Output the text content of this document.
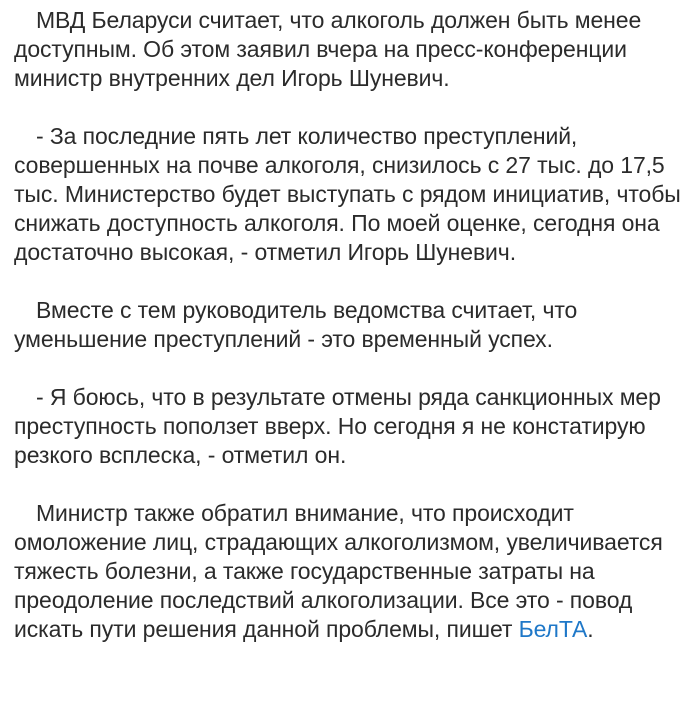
МВД Беларуси считает, что алкоголь должен быть менее доступным. Об этом заявил вчера на пресс-конференции министр внутренних дел Игорь Шуневич.

- За последние пять лет количество преступлений, совершенных на почве алкоголя, снизилось с 27 тыс. до 17,5 тыс. Министерство будет выступать с рядом инициатив, чтобы снижать доступность алкоголя. По моей оценке, сегодня она достаточно высокая, - отметил Игорь Шуневич.

Вместе с тем руководитель ведомства считает, что уменьшение преступлений - это временный успех.

- Я боюсь, что в результате отмены ряда санкционных мер преступность поползет вверх. Но сегодня я не констатирую резкого всплеска, - отметил он.

Министр также обратил внимание, что происходит омоложение лиц, страдающих алкоголизмом, увеличивается тяжесть болезни, а также государственные затраты на преодоление последствий алкоголизации. Все это - повод искать пути решения данной проблемы, пишет БелТА.
